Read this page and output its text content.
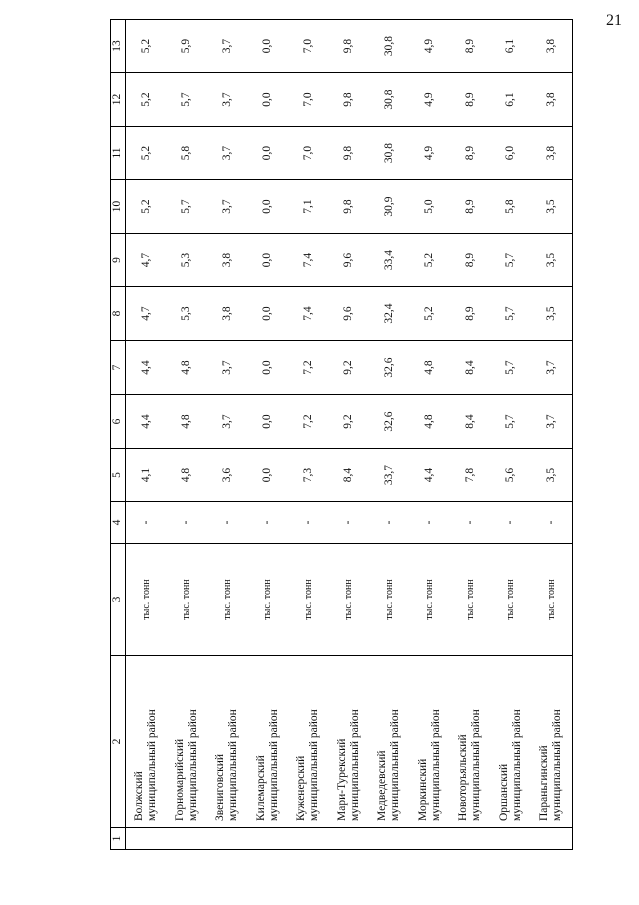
21
1	2	3	4	5	6	7	8	9	10	11	12	13

	Волжский муниципальный район	тыс. тонн	-	4,1	4,4	4,4	4,7	4,7	5,2	5,2	5,2	5,2

	Горномарийский муниципальный район	тыс. тонн	-	4,8	4,8	4,8	5,3	5,3	5,7	5,8	5,7	5,9

	Звениговский муниципальный район	тыс. тонн	-	3,6	3,7	3,7	3,8	3,8	3,7	3,7	3,7	3,7

	Килемарский муниципальный район	тыс. тонн	-	0,0	0,0	0,0	0,0	0,0	0,0	0,0	0,0	0,0

	Куженерский муниципальный район	тыс. тонн	-	7,3	7,2	7,2	7,4	7,4	7,1	7,0	7,0	7,0

	Мари-Турекский муниципальный район	тыс. тонн	-	8,4	9,2	9,2	9,6	9,6	9,8	9,8	9,8	9,8

	Медведевский муниципальный район	тыс. тонн	-	33,7	32,6	32,6	32,4	33,4	30,9	30,8	30,8	30,8

	Моркинский муниципальный район	тыс. тонн	-	4,4	4,8	4,8	5,2	5,2	5,0	4,9	4,9	4,9

	Новоторъяльский муниципальный район	тыс. тонн	-	7,8	8,4	8,4	8,9	8,9	8,9	8,9	8,9	8,9

	Оршанский муниципальный район	тыс. тонн	-	5,6	5,7	5,7	5,7	5,7	5,8	6,0	6,1	6,1

	Параньгинский муниципальный район	тыс. тонн	-	3,5	3,7	3,7	3,5	3,5	3,5	3,8	3,8	3,8
